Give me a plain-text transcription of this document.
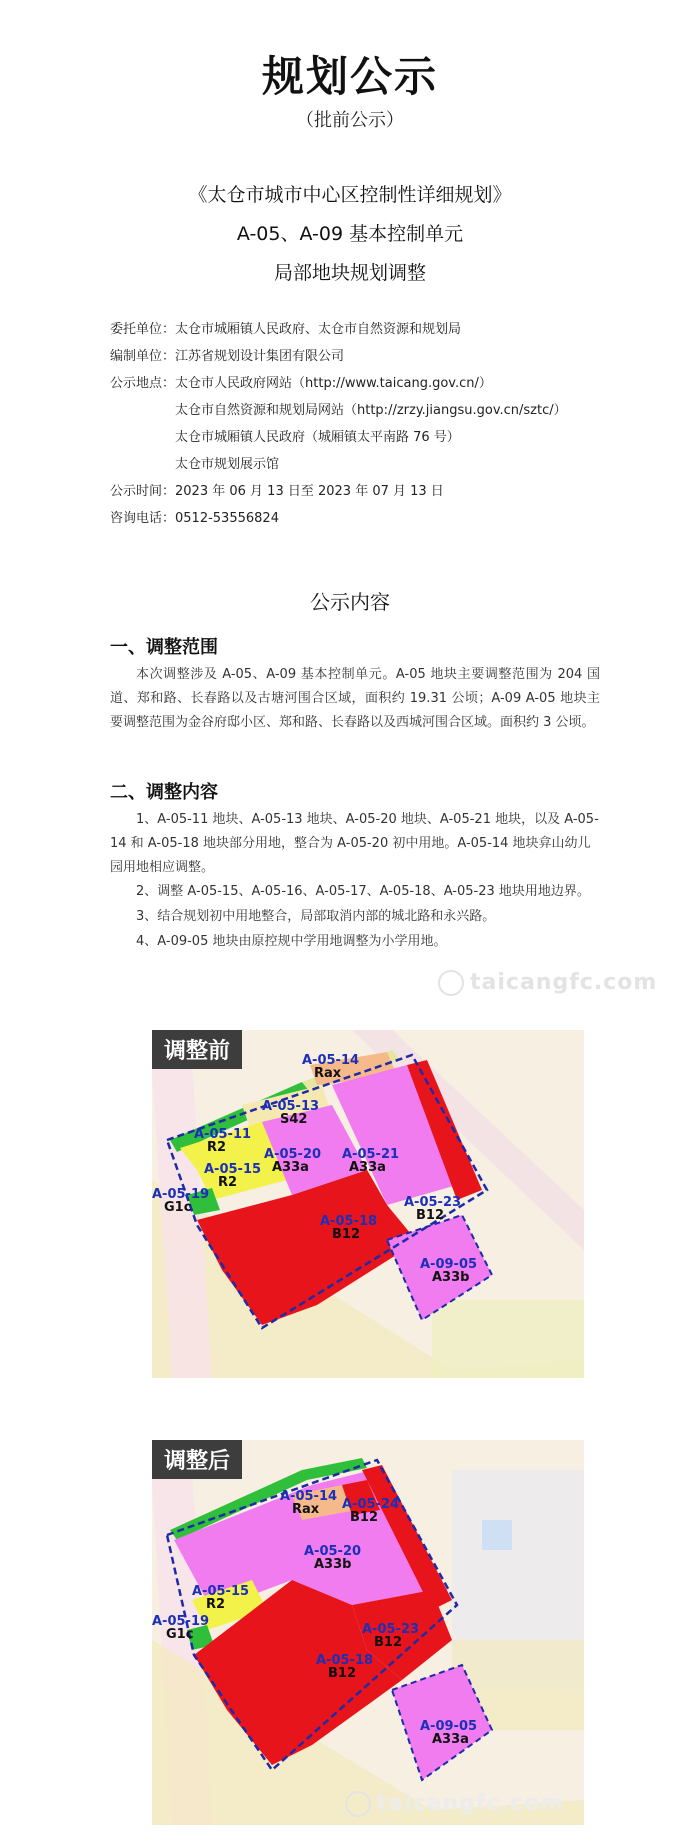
规划公示
（批前公示）
《太仓市城市中心区控制性详细规划》
A-05、A-09 基本控制单元
局部地块规划调整
委托单位：太仓市城厢镇人民政府、太仓市自然资源和规划局
编制单位：江苏省规划设计集团有限公司
公示地点：太仓市人民政府网站（http://www.taicang.gov.cn/）
太仓市自然资源和规划局网站（http://zrzy.jiangsu.gov.cn/sztc/）
太仓市城厢镇人民政府（城厢镇太平南路 76 号）
太仓市规划展示馆
公示时间：2023 年 06 月 13 日至 2023 年 07 月 13 日
咨询电话：0512-53556824
公示内容
一、调整范围
本次调整涉及 A-05、A-09 基本控制单元。A-05 地块主要调整范围为 204 国道、郑和路、长春路以及古塘河围合区域，面积约 19.31 公顷；A-09 A-05 地块主要调整范围为金谷府邸小区、郑和路、长春路以及西城河围合区域。面积约 3 公顷。
二、调整内容
1、A-05-11 地块、A-05-13 地块、A-05-20 地块、A-05-21 地块，以及 A-05-14 和 A-05-18 地块部分用地，整合为 A-05-20 初中用地。A-05-14 地块弇山幼儿园用地相应调整。
2、调整 A-05-15、A-05-16、A-05-17、A-05-18、A-05-23 地块用地边界。
3、结合规划初中用地整合，局部取消内部的城北路和永兴路。
4、A-09-05 地块由原控规中学用地调整为小学用地。
taicangfc.com
A-05-14
Rax
A-05-13
S42
A-05-11
R2	A-05-20
A33a
A-05-21
A33a
A-05-15
R2
A-05-19
G1c	A-05-23
B12
A-05-18
B12
A-09-05
A33b
调整前
A-05-14
Rax A-05-24
B12
A-05-20
A33b
A-05-15
R2
A-05-19
G1c	A-05-23
B12
A-05-18
B12
A-09-05
A33a
调整后
taicangfc.com
